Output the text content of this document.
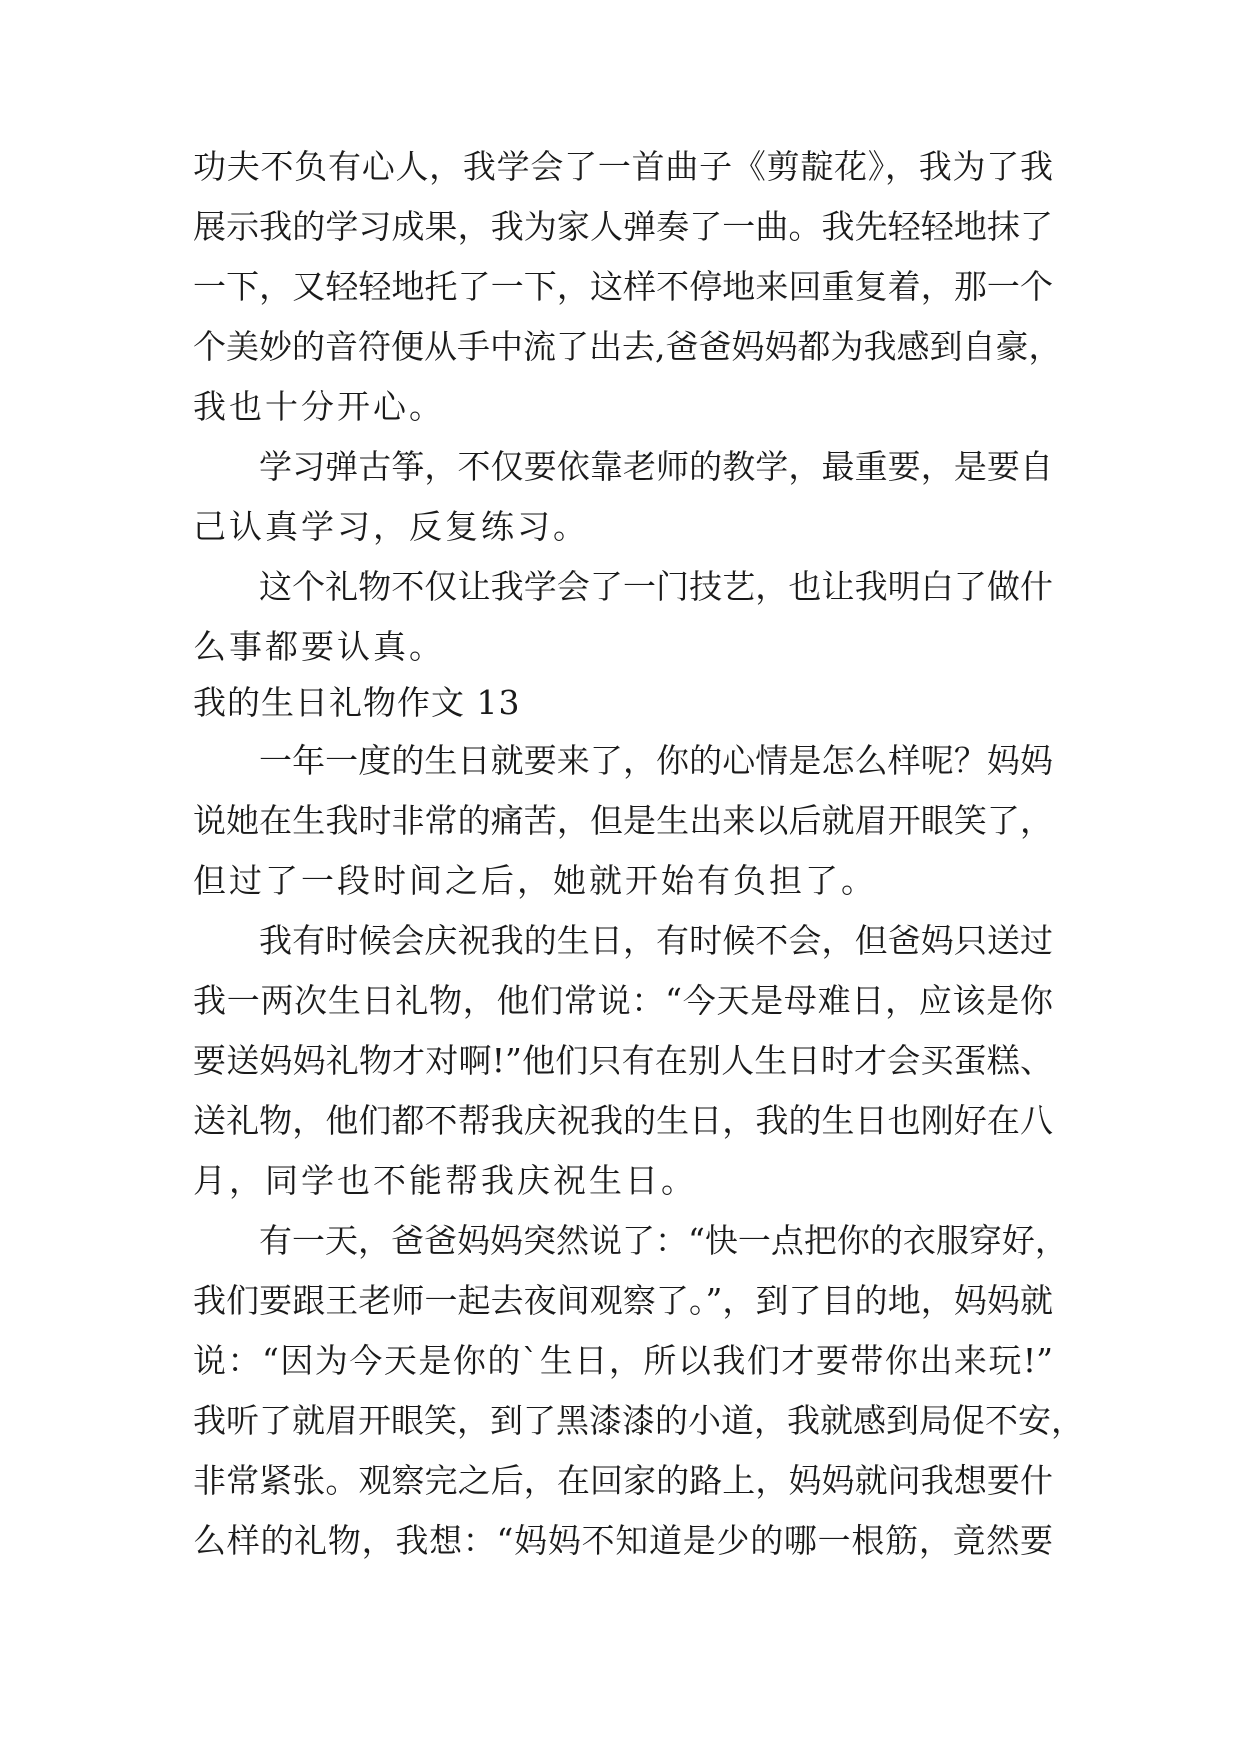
功夫不负有心人，我学会了一首曲子《剪靛花》，我为了我
展示我的学习成果，我为家人弹奏了一曲。我先轻轻地抹了
一下，又轻轻地托了一下，这样不停地来回重复着，那一个
个美妙的音符便从手中流了出去,爸爸妈妈都为我感到自豪，
我也十分开心。
学习弹古筝，不仅要依靠老师的教学，最重要，是要自
己认真学习，反复练习。
这个礼物不仅让我学会了一门技艺，也让我明白了做什
么事都要认真。
我的生日礼物作文 13
一年一度的生日就要来了，你的心情是怎么样呢？妈妈
说她在生我时非常的痛苦，但是生出来以后就眉开眼笑了，
但过了一段时间之后，她就开始有负担了。
我有时候会庆祝我的生日，有时候不会，但爸妈只送过
我一两次生日礼物，他们常说：“今天是母难日，应该是你
要送妈妈礼物才对啊!”他们只有在别人生日时才会买蛋糕、
送礼物，他们都不帮我庆祝我的生日，我的生日也刚好在八
月，同学也不能帮我庆祝生日。
有一天，爸爸妈妈突然说了：“快一点把你的衣服穿好，
我们要跟王老师一起去夜间观察了。”，到了目的地，妈妈就
说：“因为今天是你的`生日，所以我们才要带你出来玩!”
我听了就眉开眼笑，到了黑漆漆的小道，我就感到局促不安，
非常紧张。观察完之后，在回家的路上，妈妈就问我想要什
么样的礼物，我想：“妈妈不知道是少的哪一根筋，竟然要
